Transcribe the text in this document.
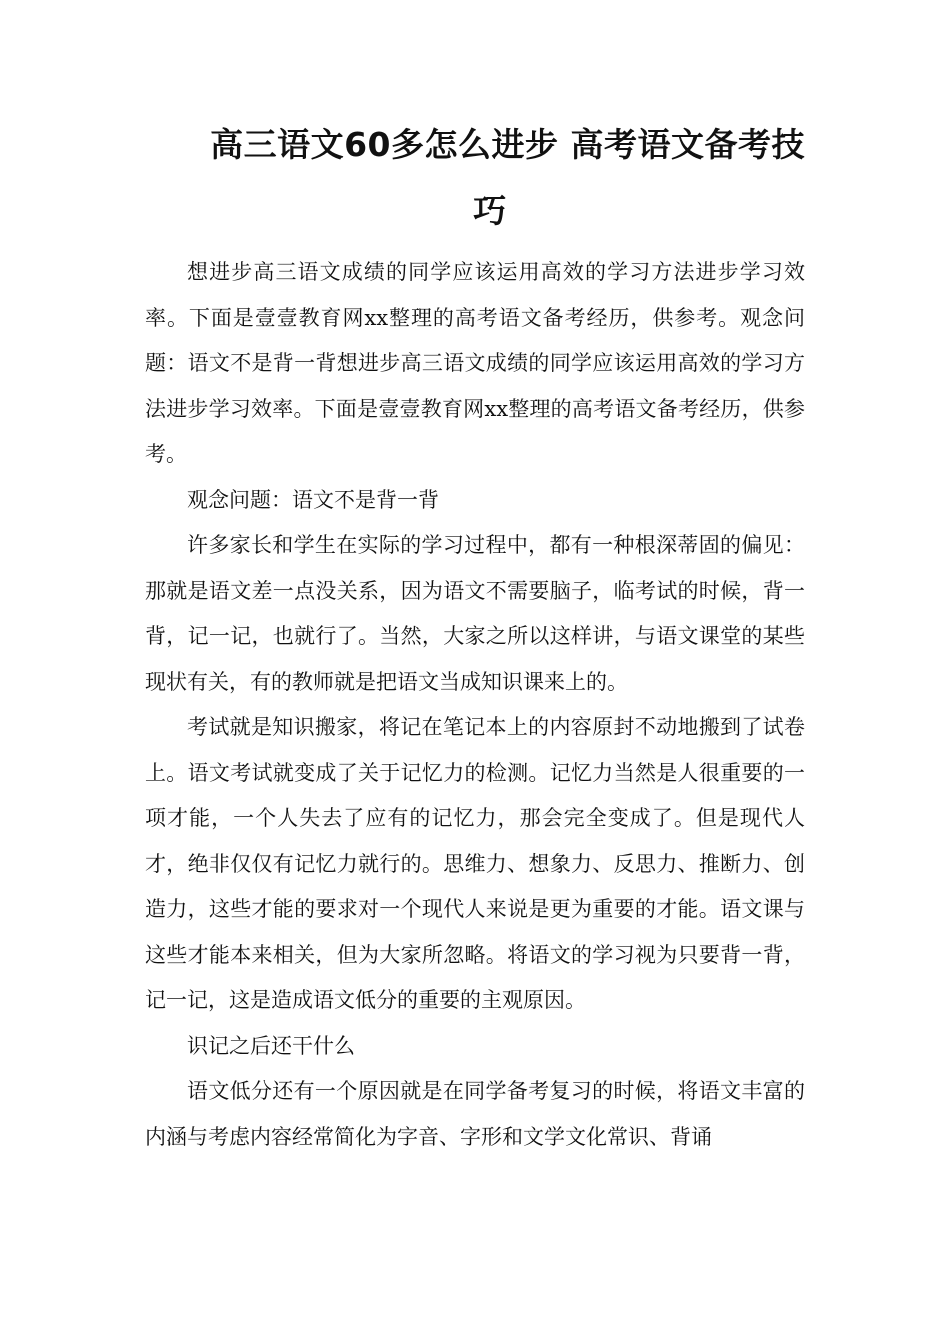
高三语文60多怎么进步 高考语文备考技
巧

想进步高三语文成绩的同学应该运用高效的学习方法进步学习效率。下面是壹壹教育网xx整理的高考语文备考经历，供参考。观念问题：语文不是背一背想进步高三语文成绩的同学应该运用高效的学习方法进步学习效率。下面是壹壹教育网xx整理的高考语文备考经历，供参考。

观念问题：语文不是背一背

许多家长和学生在实际的学习过程中，都有一种根深蒂固的偏见：那就是语文差一点没关系，因为语文不需要脑子，临考试的时候，背一背，记一记，也就行了。当然，大家之所以这样讲，与语文课堂的某些现状有关，有的教师就是把语文当成知识课来上的。

考试就是知识搬家，将记在笔记本上的内容原封不动地搬到了试卷上。语文考试就变成了关于记忆力的检测。记忆力当然是人很重要的一项才能，一个人失去了应有的记忆力，那会完全变成了。但是现代人才，绝非仅仅有记忆力就行的。思维力、想象力、反思力、推断力、创造力，这些才能的要求对一个现代人来说是更为重要的才能。语文课与这些才能本来相关，但为大家所忽略。将语文的学习视为只要背一背，记一记，这是造成语文低分的重要的主观原因。

识记之后还干什么

语文低分还有一个原因就是在同学备考复习的时候，将语文丰富的内涵与考虑内容经常简化为字音、字形和文学文化常识、背诵
